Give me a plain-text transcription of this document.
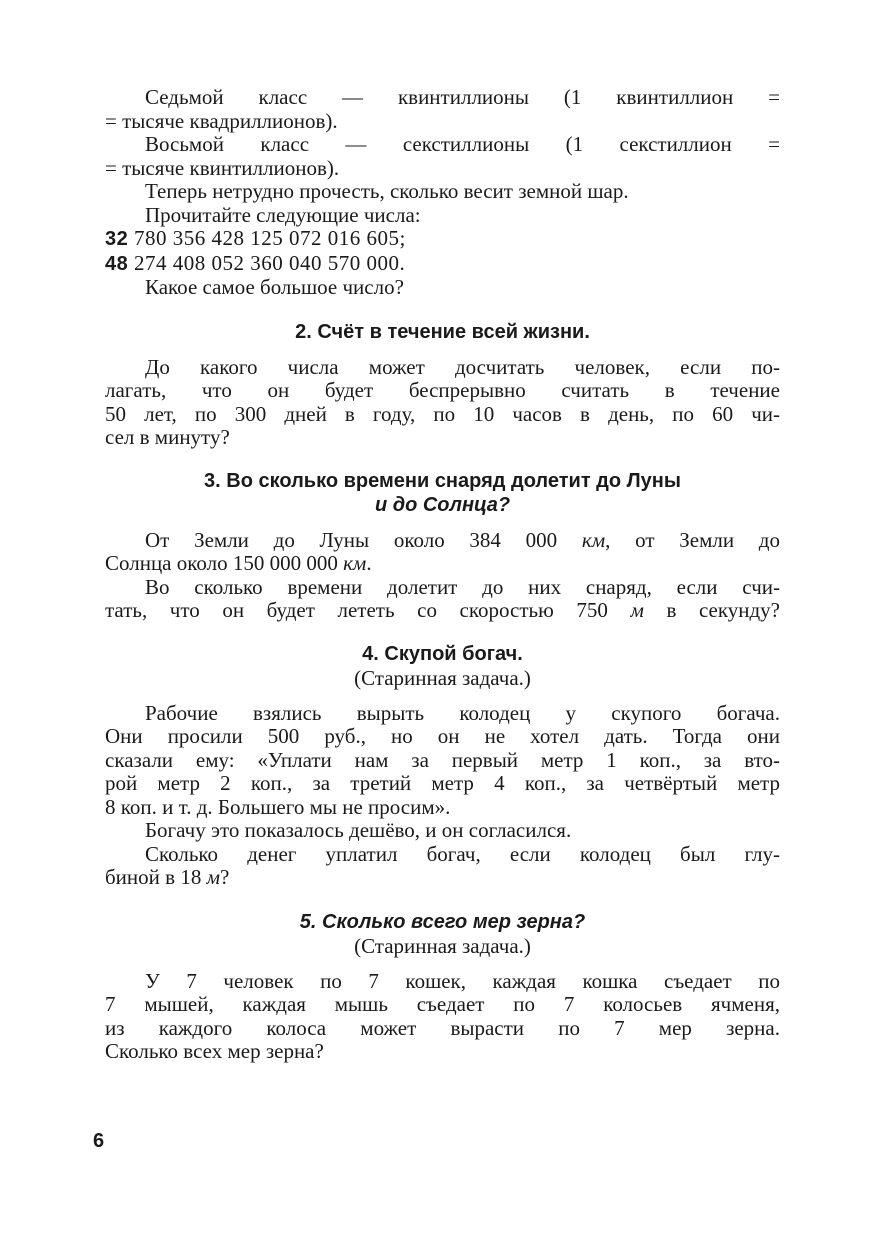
Седьмой класс — квинтиллионы (1 квинтиллион =
= тысяче квадриллионов).
Восьмой класс — секстиллионы (1 секстиллион =
= тысяче квинтиллионов).
Теперь нетрудно прочесть, сколько весит земной шар.
Прочитайте следующие числа:
32 780 356 428 125 072 016 605;
48 274 408 052 360 040 570 000.
Какое самое большое число?
2. Счёт в течение всей жизни.
До какого числа может досчитать человек, если по-
лагать, что он будет беспрерывно считать в течение
50 лет, по 300 дней в году, по 10 часов в день, по 60 чи-
сел в минуту?
3. Во сколько времени снаряд долетит до Луны
и до Солнца?
От Земли до Луны около 384 000 км, от Земли до
Солнца около 150 000 000 км.
Во сколько времени долетит до них снаряд, если счи-
тать, что он будет лететь со скоростью 750 м в секунду?
4. Скупой богач.
(Старинная задача.)
Рабочие взялись вырыть колодец у скупого богача.
Они просили 500 руб., но он не хотел дать. Тогда они
сказали ему: «Уплати нам за первый метр 1 коп., за вто-
рой метр 2 коп., за третий метр 4 коп., за четвёртый метр
8 коп. и т. д. Большего мы не просим».
Богачу это показалось дешёво, и он согласился.
Сколько денег уплатил богач, если колодец был глу-
биной в 18 м?
5. Сколько всего мер зерна?
(Старинная задача.)
У 7 человек по 7 кошек, каждая кошка съедает по
7 мышей, каждая мышь съедает по 7 колосьев ячменя,
из каждого колоса может вырасти по 7 мер зерна.
Сколько всех мер зерна?
6
